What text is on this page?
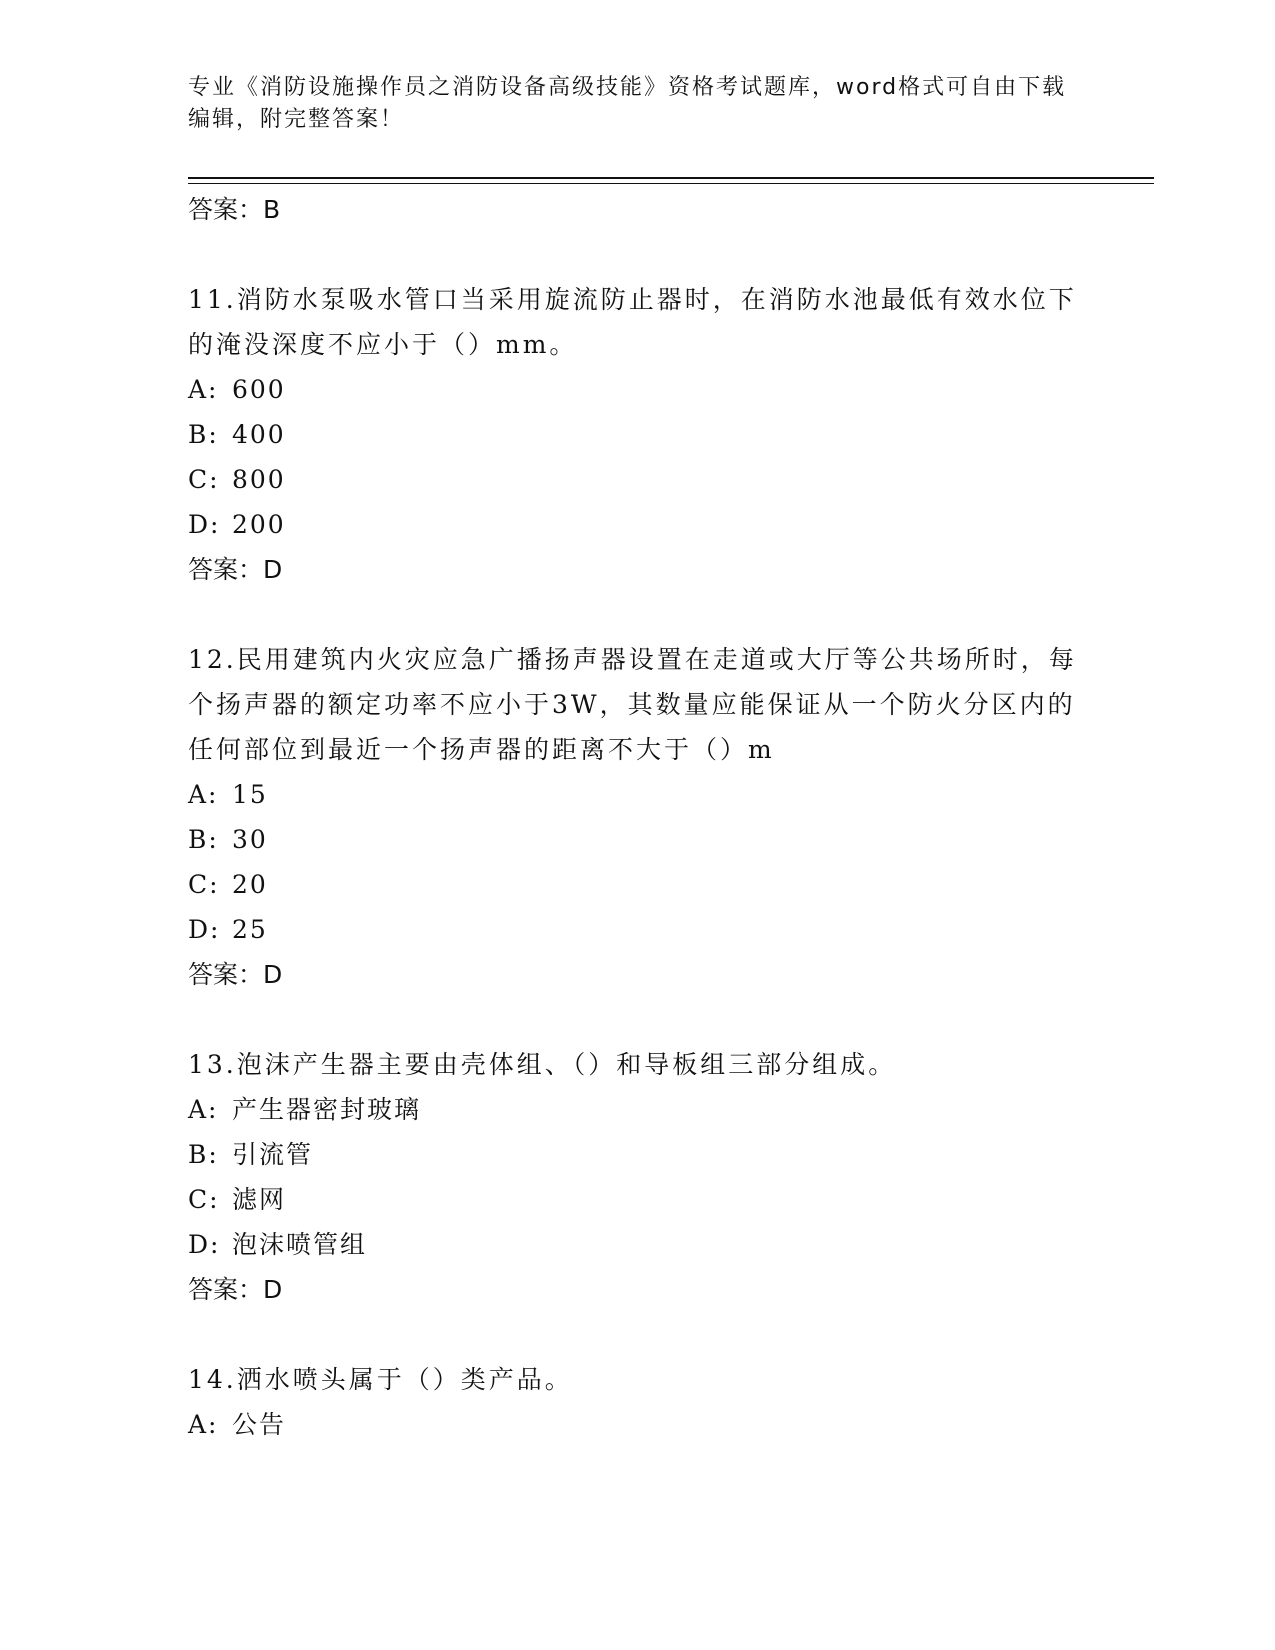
专业《消防设施操作员之消防设备高级技能》资格考试题库，word格式可自由下载编辑，附完整答案！
答案：B
11.消防水泵吸水管口当采用旋流防止器时，在消防水池最低有效水位下的淹没深度不应小于（）mm。
A: 600
B: 400
C: 800
D: 200
答案：D
12.民用建筑内火灾应急广播扬声器设置在走道或大厅等公共场所时，每个扬声器的额定功率不应小于3W，其数量应能保证从一个防火分区内的任何部位到最近一个扬声器的距离不大于（）m
A: 15
B: 30
C: 20
D: 25
答案：D
13.泡沫产生器主要由壳体组、（）和导板组三部分组成。
A: 产生器密封玻璃
B: 引流管
C: 滤网
D: 泡沫喷管组
答案：D
14.洒水喷头属于（）类产品。
A: 公告
